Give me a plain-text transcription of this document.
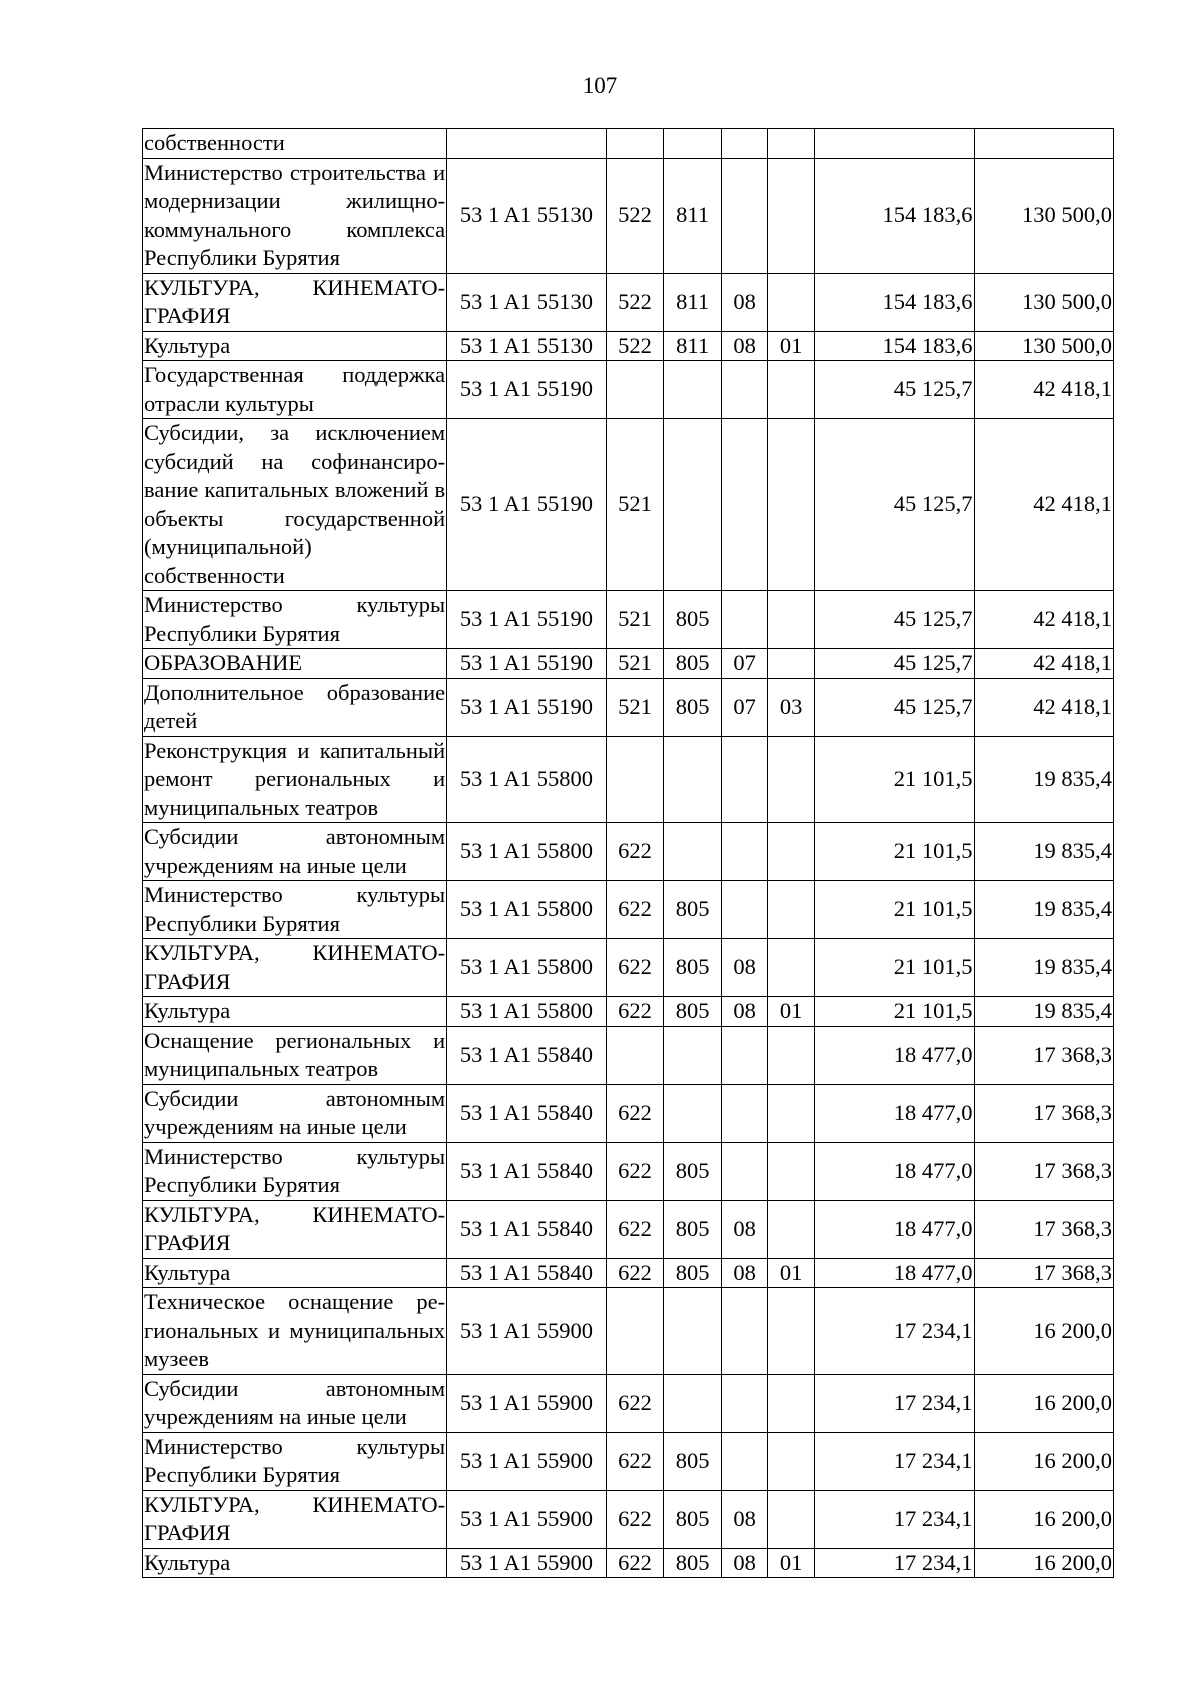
107
собственности							
Министерство строительства и модернизации жилищно-коммунального комплекса Республики Бурятия	53 1 A1 55130	522	811			154 183,6	130 500,0
КУЛЬТУРА, КИНЕМАТОГРАФИЯ	53 1 A1 55130	522	811	08		154 183,6	130 500,0
Культура	53 1 A1 55130	522	811	08	01	154 183,6	130 500,0
Государственная поддержка отрасли культуры	53 1 A1 55190					45 125,7	42 418,1
Субсидии, за исключением субсидий на софинансирование капитальных вложений в объекты государственной (муниципальной) собственности	53 1 A1 55190	521				45 125,7	42 418,1
Министерство культуры Республики Бурятия	53 1 A1 55190	521	805			45 125,7	42 418,1
ОБРАЗОВАНИЕ	53 1 A1 55190	521	805	07		45 125,7	42 418,1
Дополнительное образование детей	53 1 A1 55190	521	805	07	03	45 125,7	42 418,1
Реконструкция и капитальный ремонт региональных и муниципальных театров	53 1 A1 55800					21 101,5	19 835,4
Субсидии автономным учреждениям на иные цели	53 1 A1 55800	622				21 101,5	19 835,4
Министерство культуры Республики Бурятия	53 1 A1 55800	622	805			21 101,5	19 835,4
КУЛЬТУРА, КИНЕМАТОГРАФИЯ	53 1 A1 55800	622	805	08		21 101,5	19 835,4
Культура	53 1 A1 55800	622	805	08	01	21 101,5	19 835,4
Оснащение региональных и муниципальных театров	53 1 A1 55840					18 477,0	17 368,3
Субсидии автономным учреждениям на иные цели	53 1 A1 55840	622				18 477,0	17 368,3
Министерство культуры Республики Бурятия	53 1 A1 55840	622	805			18 477,0	17 368,3
КУЛЬТУРА, КИНЕМАТОГРАФИЯ	53 1 A1 55840	622	805	08		18 477,0	17 368,3
Культура	53 1 A1 55840	622	805	08	01	18 477,0	17 368,3
Техническое оснащение региональных и муниципальных музеев	53 1 A1 55900					17 234,1	16 200,0
Субсидии автономным учреждениям на иные цели	53 1 A1 55900	622				17 234,1	16 200,0
Министерство культуры Республики Бурятия	53 1 A1 55900	622	805			17 234,1	16 200,0
КУЛЬТУРА, КИНЕМАТОГРАФИЯ	53 1 A1 55900	622	805	08		17 234,1	16 200,0
Культура	53 1 A1 55900	622	805	08	01	17 234,1	16 200,0
